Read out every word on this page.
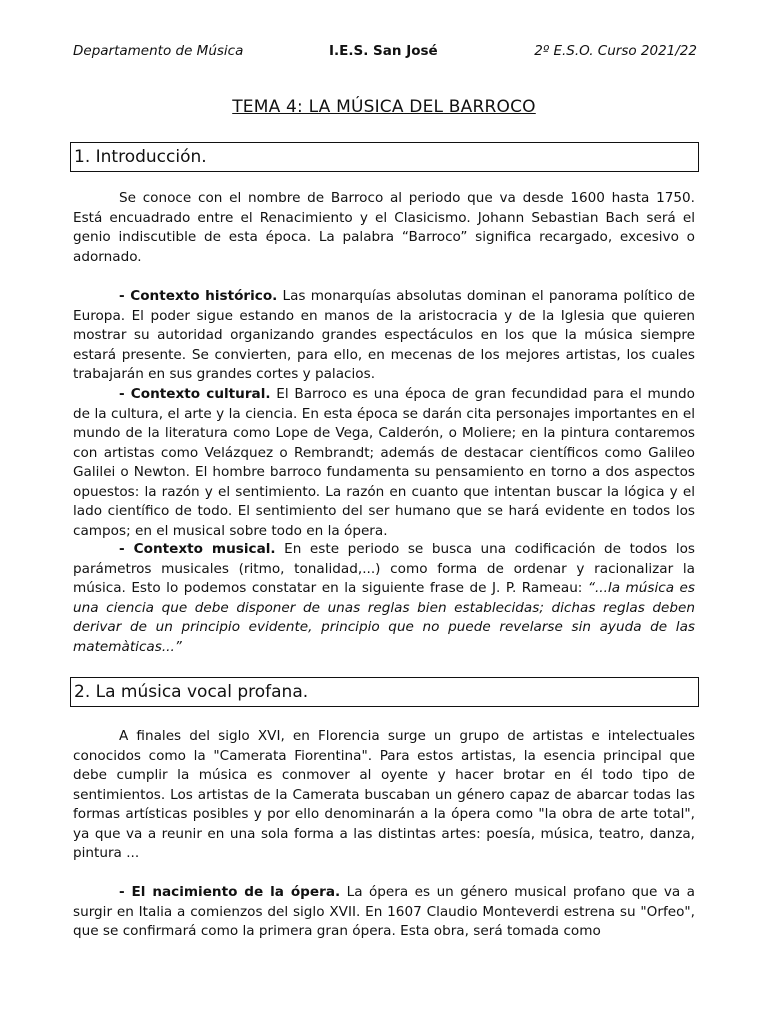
Departamento de Música	I.E.S. San José	2º E.S.O. Curso 2021/22
TEMA 4: LA MÚSICA DEL BARROCO
1. Introducción.

Se conoce con el nombre de Barroco al periodo que va desde 1600 hasta 1750. Está encuadrado entre el Renacimiento y el Clasicismo. Johann Sebastian Bach será el genio indiscutible de esta época. La palabra “Barroco” significa recargado, excesivo o adornado.

- Contexto histórico. Las monarquías absolutas dominan el panorama político de Europa. El poder sigue estando en manos de la aristocracia y de la Iglesia que quieren mostrar su autoridad organizando grandes espectáculos en los que la música siempre estará presente. Se convierten, para ello, en mecenas de los mejores artistas, los cuales trabajarán en sus grandes cortes y palacios.

- Contexto cultural. El Barroco es una época de gran fecundidad para el mundo de la cultura, el arte y la ciencia. En esta época se darán cita personajes importantes en el mundo de la literatura como Lope de Vega, Calderón, o Moliere; en la pintura contaremos con artistas como Velázquez o Rembrandt; además de destacar científicos como Galileo Galilei o Newton. El hombre barroco fundamenta su pensamiento en torno a dos aspectos opuestos: la razón y el sentimiento. La razón en cuanto que intentan buscar la lógica y el lado científico de todo. El sentimiento del ser humano que se hará evidente en todos los campos; en el musical sobre todo en la ópera.

- Contexto musical. En este periodo se busca una codificación de todos los parámetros musicales (ritmo, tonalidad,...) como forma de ordenar y racionalizar la música. Esto lo podemos constatar en la siguiente frase de J. P. Rameau: “...la música es una ciencia que debe disponer de unas reglas bien establecidas; dichas reglas deben derivar de un principio evidente, principio que no puede revelarse sin ayuda de las matemàticas...”

2. La música vocal profana.

A finales del siglo XVI, en Florencia surge un grupo de artistas e intelectuales conocidos como la "Camerata Fiorentina". Para estos artistas, la esencia principal que debe cumplir la música es conmover al oyente y hacer brotar en él todo tipo de sentimientos. Los artistas de la Camerata buscaban un género capaz de abarcar todas las formas artísticas posibles y por ello denominarán a la ópera como "la obra de arte total", ya que va a reunir en una sola forma a las distintas artes: poesía, música, teatro, danza, pintura ...

- El nacimiento de la ópera. La ópera es un género musical profano que va a surgir en Italia a comienzos del siglo XVII. En 1607 Claudio Monteverdi estrena su "Orfeo", que se confirmará como la primera gran ópera. Esta obra, será tomada como
